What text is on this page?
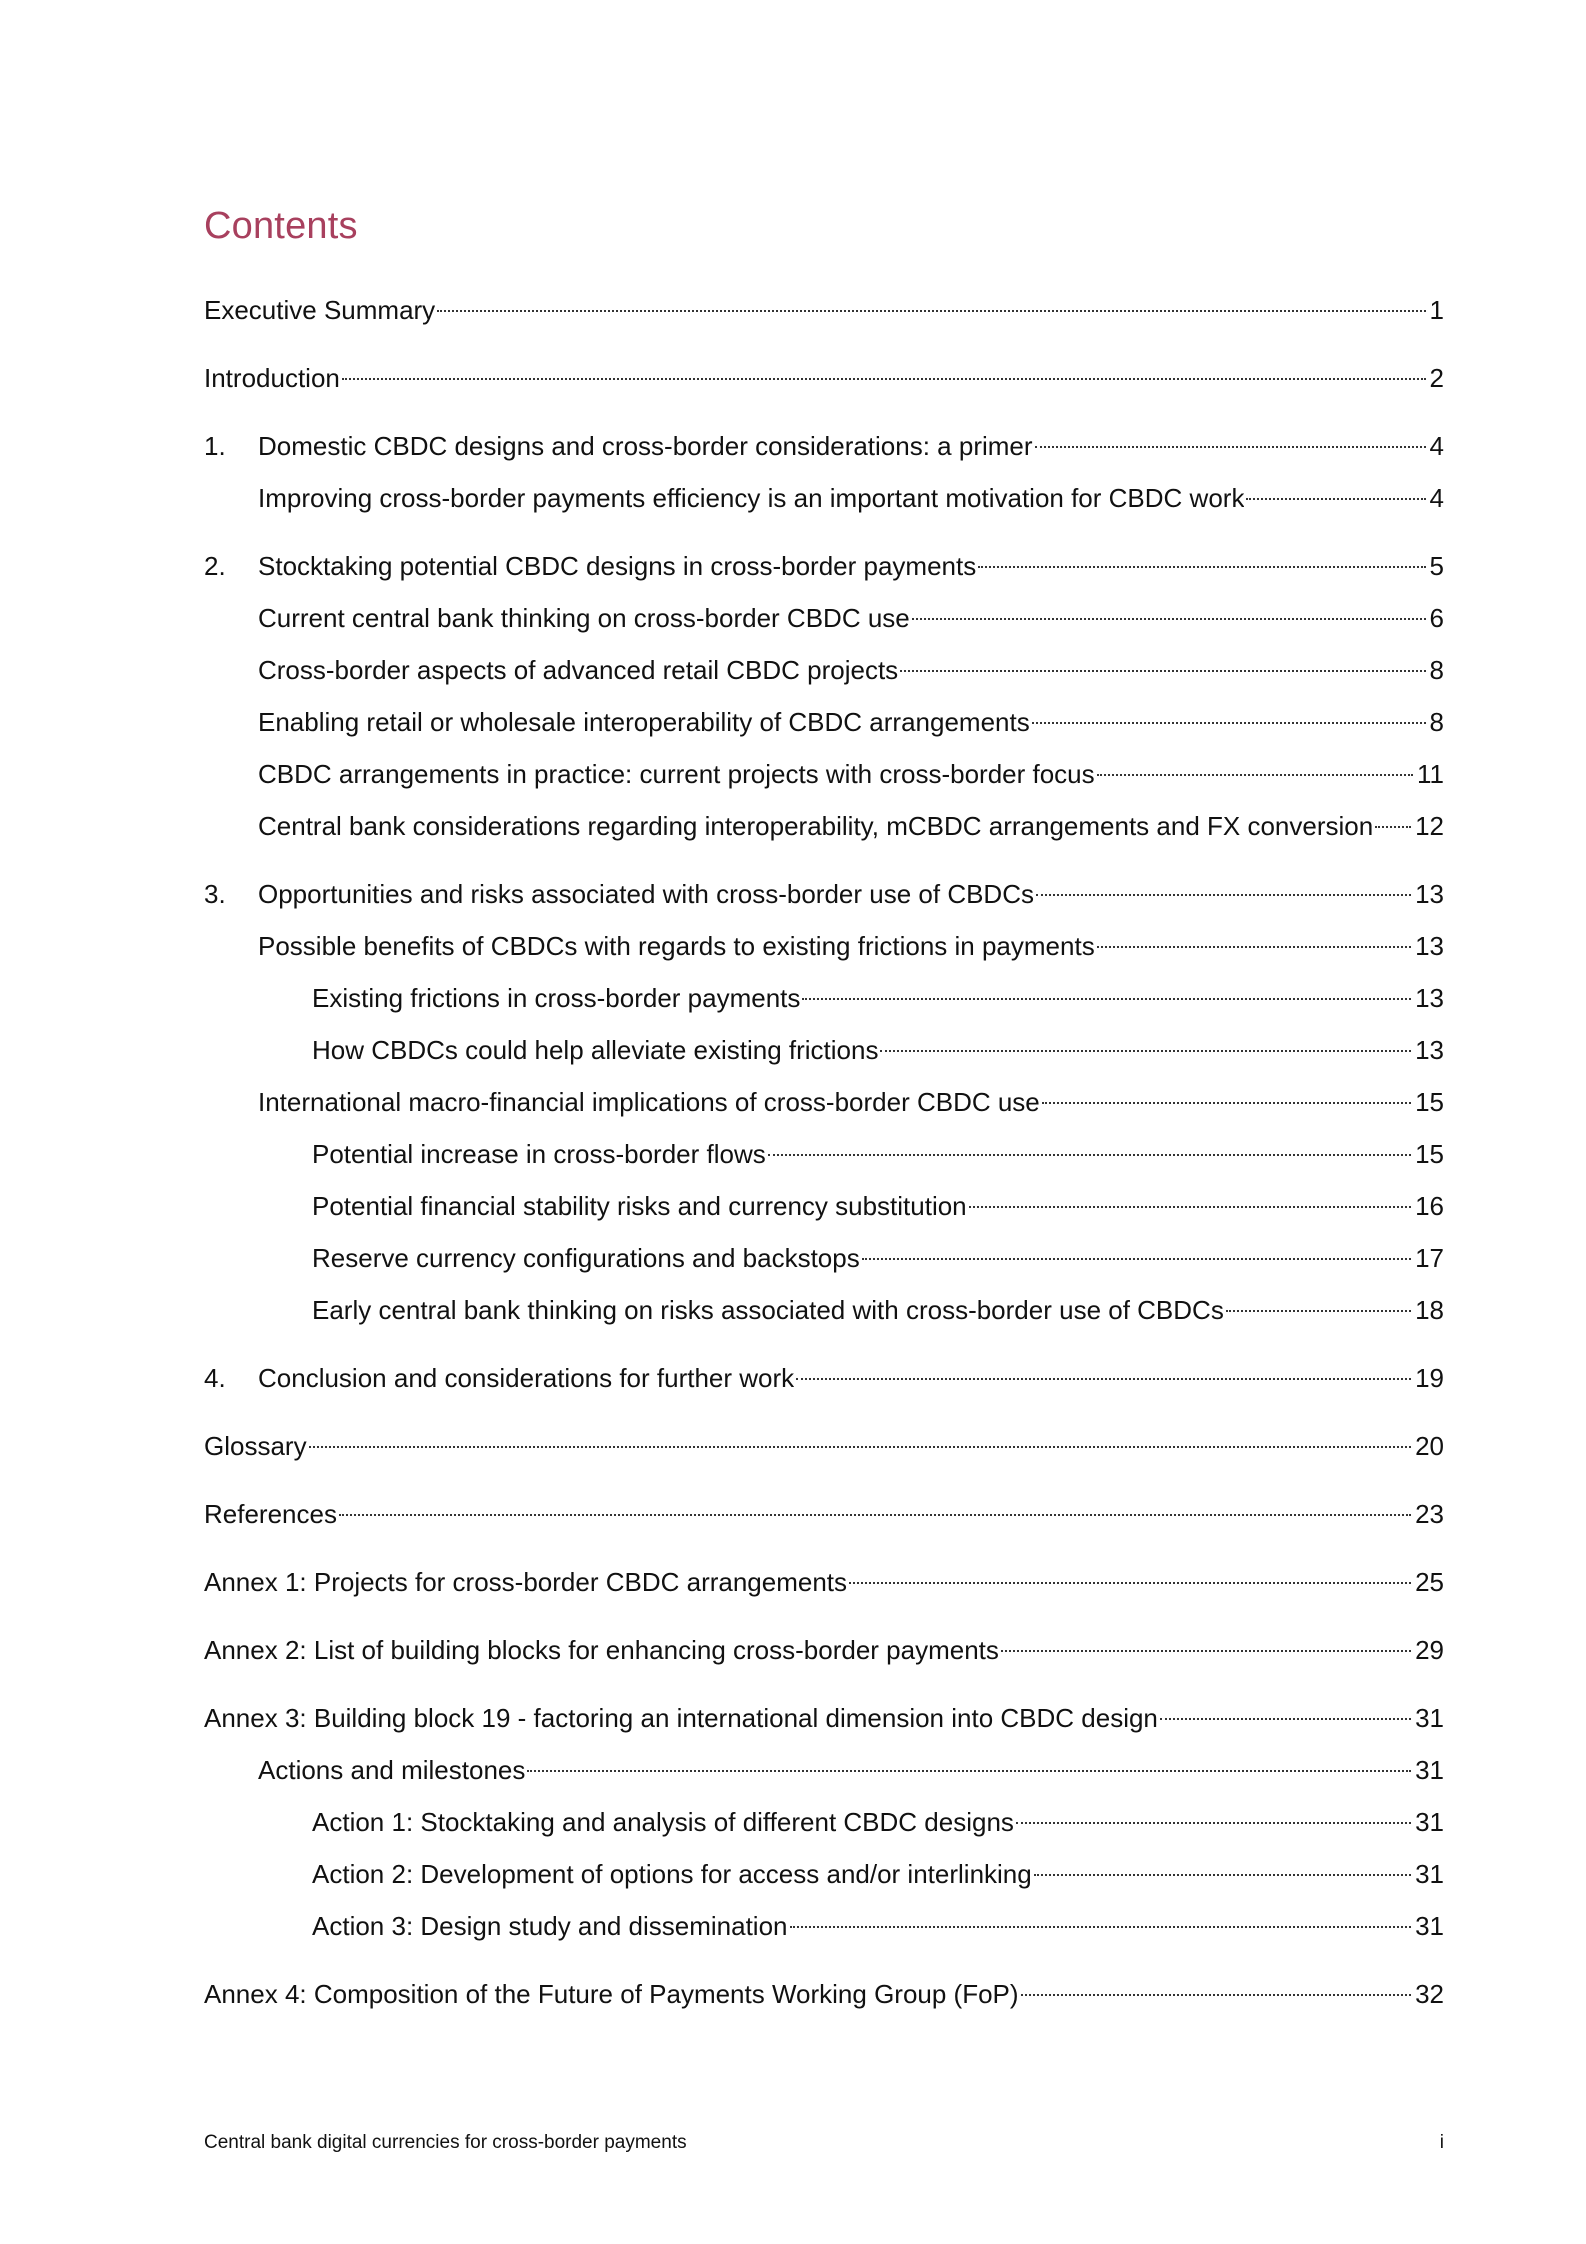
Contents
Executive Summary	1
Introduction	2
1.	Domestic CBDC designs and cross-border considerations: a primer	4
Improving cross-border payments efficiency is an important motivation for CBDC work	4
2.	Stocktaking potential CBDC designs in cross-border payments	5
Current central bank thinking on cross-border CBDC use	6
Cross-border aspects of advanced retail CBDC projects	8
Enabling retail or wholesale interoperability of CBDC arrangements	8
CBDC arrangements in practice: current projects with cross-border focus	11
Central bank considerations regarding interoperability, mCBDC arrangements and FX conversion 12
3.	Opportunities and risks associated with cross-border use of CBDCs	13
Possible benefits of CBDCs with regards to existing frictions in payments	13
Existing frictions in cross-border payments	13
How CBDCs could help alleviate existing frictions	13
International macro-financial implications of cross-border CBDC use	15
Potential increase in cross-border flows	15
Potential financial stability risks and currency substitution	16
Reserve currency configurations and backstops	17
Early central bank thinking on risks associated with cross-border use of CBDCs	18
4.	Conclusion and considerations for further work	19
Glossary	20
References	23
Annex 1: Projects for cross-border CBDC arrangements	25
Annex 2: List of building blocks for enhancing cross-border payments	29
Annex 3: Building block 19 - factoring an international dimension into CBDC design	31
Actions and milestones	31
Action 1: Stocktaking and analysis of different CBDC designs	31
Action 2: Development of options for access and/or interlinking	31
Action 3: Design study and dissemination	31
Annex 4: Composition of the Future of Payments Working Group (FoP)	32
Central bank digital currencies for cross-border payments	i
